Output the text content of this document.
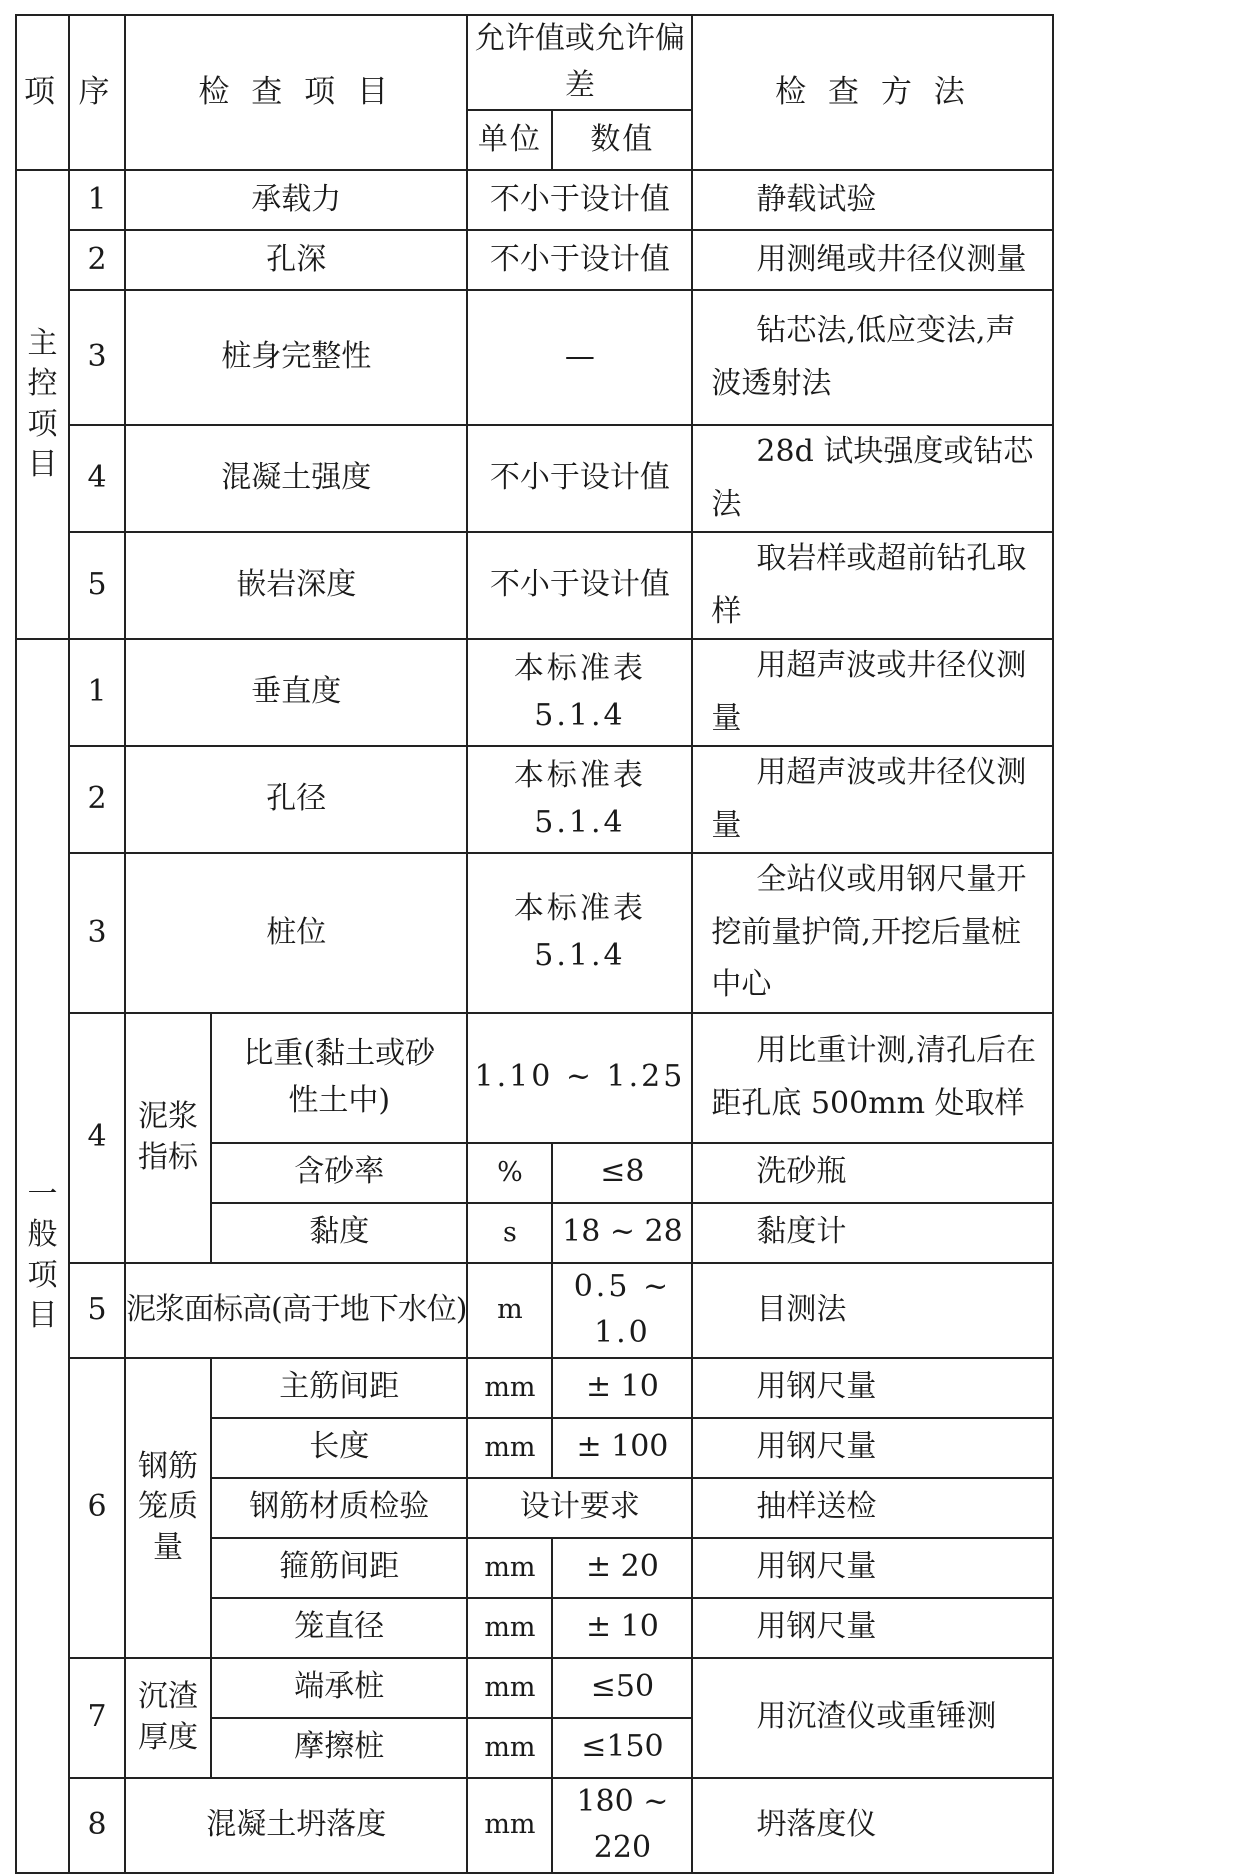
项	序	检 查 项 目		允许值或允许偏差		检 查 方 法
				单位	数值	
主控项目	1	承载力		不小于设计值		静载试验
	2	孔深		不小于设计值		用测绳或井径仪测量
	3	桩身完整性		—		钻芯法,低应变法,声波透射法
	4	混凝土强度		不小于设计值		28d 试块强度或钻芯法
	5	嵌岩深度		不小于设计值		取岩样或超前钻孔取样
一般项目	1	垂直度		本标准表 5.1.4		用超声波或井径仪测量
	2	孔径		本标准表 5.1.4		用超声波或井径仪测量
	3	桩位		本标准表 5.1.4		全站仪或用钢尺量开挖前量护筒,开挖后量桩中心
	4	泥浆指标	比重(黏土或砂性土中)	1.10 ~ 1.25		用比重计测,清孔后在距孔底 500mm 处取样
			含砂率	%	≤8	洗砂瓶
			黏度	s	18 ~ 28	黏度计
	5	泥浆面标高(高于地下水位)		m	0.5 ~ 1.0	目测法
	6	钢筋笼质量	主筋间距	mm	± 10	用钢尺量
			长度	mm	± 100	用钢尺量
			钢筋材质检验	设计要求		抽样送检
			箍筋间距	mm	± 20	用钢尺量
			笼直径	mm	± 10	用钢尺量
	7	沉渣厚度	端承桩	mm	≤50	用沉渣仪或重锤测
			摩擦桩	mm	≤150	
	8	混凝土坍落度		mm	180 ~ 220	坍落度仪
